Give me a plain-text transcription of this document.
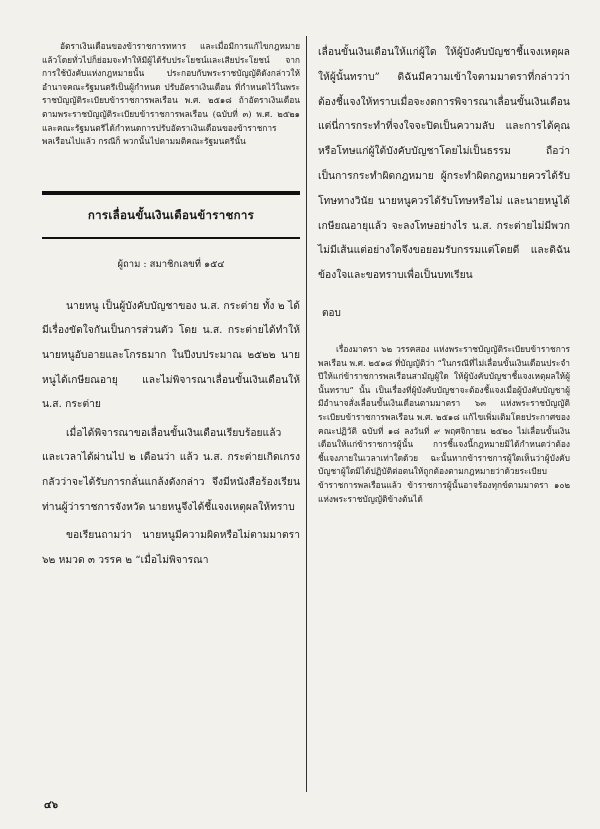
อัตราเงินเดือนของข้าราชการทหาร และเมื่อมีการแก้ไขกฎหมายแล้วโดยทั่วไปก็ย่อมจะทำให้มีผู้ได้รับประโยชน์และเสียประโยชน์ จากการใช้บังคับแห่งกฎหมายนั้น ประกอบกับพระราชบัญญัติดังกล่าวให้อำนาจคณะรัฐมนตรีเป็นผู้กำหนด ปรับอัตราเงินเดือน ที่กำหนดไว้ในพระราชบัญญัติระเบียบข้าราชการพลเรือน พ.ศ. ๒๕๑๘ ถ้าอัตราเงินเดือนตามพระราชบัญญัติระเบียบข้าราชการพลเรือน (ฉบับที่ ๓) พ.ศ. ๒๕๒๑ และคณะรัฐมนตรีได้กำหนดการปรับอัตราเงินเดือนของข้าราชการพลเรือนไปแล้ว กรณีก็ พวกนั้นไปตามมติคณะรัฐมนตรีนั้น

การเลื่อนขั้นเงินเดือนข้าราชการ
ผู้ถาม : สมาชิกเลขที่ ๑๕๔

นายหนู เป็นผู้บังคับบัญชาของ น.ส. กระต่าย ทั้ง ๒ ได้มีเรื่องขัดใจกันเป็นการส่วนตัว โดย น.ส. กระต่ายได้ทำให้นายหนูอับอายและโกรธมาก ในปีงบประมาณ ๒๕๒๒ นายหนูได้เกษียณอายุ และไม่พิจารณาเลื่อนขั้นเงินเดือนให้ น.ส. กระต่าย

เมื่อได้พิจารณาขอเลื่อนขั้นเงินเดือนเรียบร้อยแล้ว และเวลาได้ผ่านไป ๒ เดือนว่า แล้ว น.ส. กระต่ายเกิดเกรงกลัวว่าจะได้รับการกลั่นแกล้งดังกล่าว จึงมีหนังสือร้องเรียนท่านผู้ว่าราชการจังหวัด นายหนูจึงได้ชี้แจงเหตุผลให้ทราบ

ขอเรียนถามว่า นายหนูมีความผิดหรือไม่ตามมาตรา ๖๒ หมวด ๓ วรรค ๒ “เมื่อไม่พิจารณา

เลื่อนขั้นเงินเดือนให้แก่ผู้ใด ให้ผู้บังคับบัญชาชี้แจงเหตุผลให้ผู้นั้นทราบ” ดิฉันมีความเข้าใจตามมาตราที่กล่าวว่า ต้องชี้แจงให้ทราบเมื่อจะงดการพิจารณาเลื่อนขั้นเงินเดือน แต่นี่การกระทำที่จงใจจะปิดเป็นความลับ และการได้คุณหรือโทษแก่ผู้ใต้บังคับบัญชาโดยไม่เป็นธรรม ถือว่าเป็นการกระทำผิดกฎหมาย ผู้กระทำผิดกฎหมายควรได้รับโทษทางวินัย นายหนูควรได้รับโทษหรือไม่ และนายหนูได้เกษียณอายุแล้ว จะลงโทษอย่างไร น.ส. กระต่ายไม่มีพวกไม่มีเส้นแต่อย่างใดจึงขอยอมรับกรรมแต่โดยดี และดิฉันข้องใจและขอทราบเพื่อเป็นบทเรียน

ตอบ

เรื่องมาตรา ๖๒ วรรคสอง แห่งพระราชบัญญัติระเบียบข้าราชการพลเรือน พ.ศ. ๒๕๑๘ ที่บัญญัติว่า “ในกรณีที่ไม่เลื่อนขั้นเงินเดือนประจำปีให้แก่ข้าราชการพลเรือนสามัญผู้ใด ให้ผู้บังคับบัญชาชี้แจงเหตุผลให้ผู้นั้นทราบ” นั้น เป็นเรื่องที่ผู้บังคับบัญชาจะต้องชี้แจงเมื่อผู้บังคับบัญชาผู้มีอำนาจสั่งเลื่อนขั้นเงินเดือนตามมาตรา ๖๓ แห่งพระราชบัญญัติระเบียบข้าราชการพลเรือน พ.ศ. ๒๕๑๘ แก้ไขเพิ่มเติมโดยประกาศของคณะปฏิวัติ ฉบับที่ ๑๘ ลงวันที่ ๙ พฤศจิกายน ๒๕๒๐ ไม่เลื่อนขั้นเงินเดือนให้แก่ข้าราชการผู้นั้น การชี้แจงนี้กฎหมายมิได้กำหนดว่าต้องชี้แจงภายในเวลาเท่าใดด้วย ฉะนั้นหากข้าราชการผู้ใดเห็นว่าผู้บังคับบัญชาผู้ใดมิได้ปฏิบัติต่อตนให้ถูกต้องตามกฎหมายว่าด้วยระเบียบข้าราชการพลเรือนแล้ว ข้าราชการผู้นั้นอาจร้องทุกข์ตามมาตรา ๑๐๒ แห่งพระราชบัญญัติข้างต้นได้

๔๖
